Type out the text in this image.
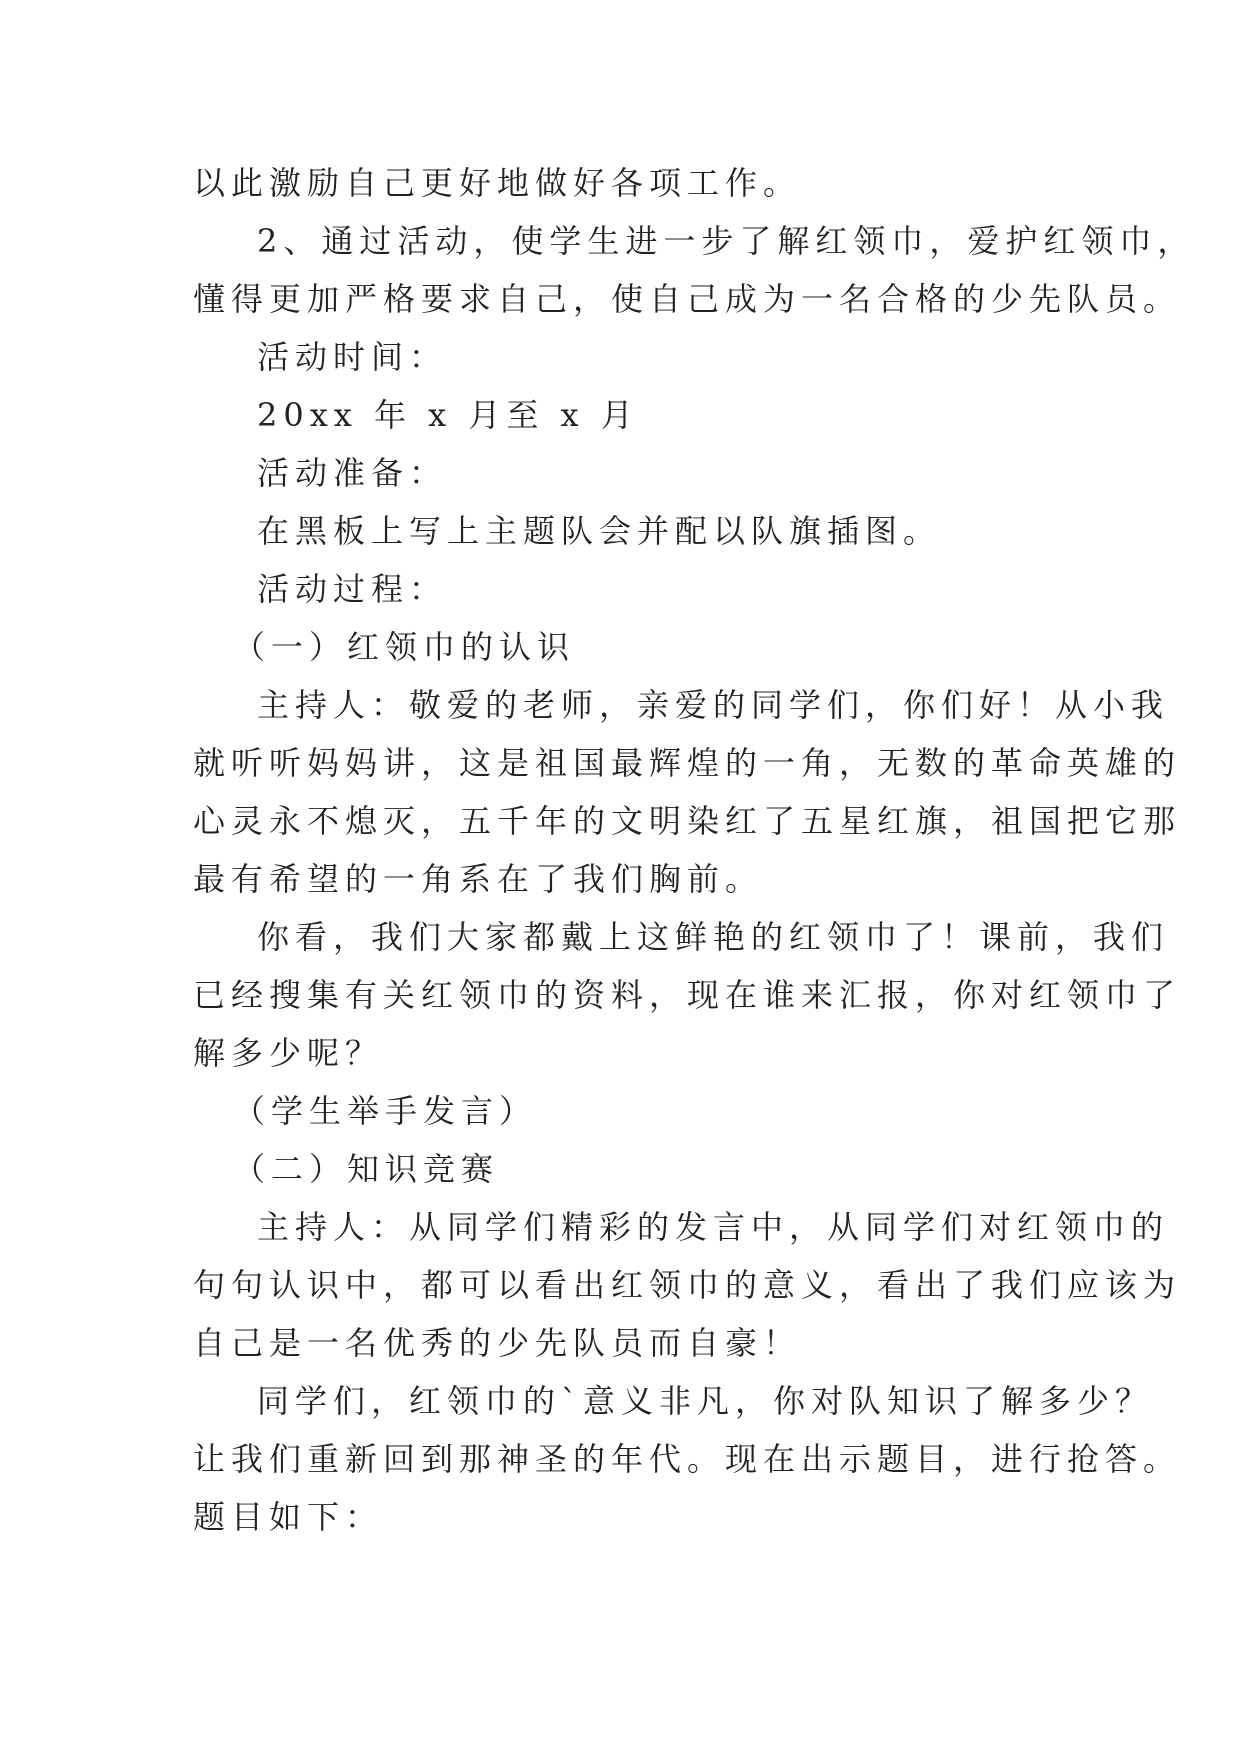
以此激励自己更好地做好各项工作。
2、通过活动，使学生进一步了解红领巾，爱护红领巾，
懂得更加严格要求自己，使自己成为一名合格的少先队员。
活动时间：
20xx 年 x 月至 x 月
活动准备：
在黑板上写上主题队会并配以队旗插图。
活动过程：
（一）红领巾的认识
主持人：敬爱的老师，亲爱的同学们，你们好！从小我
就听听妈妈讲，这是祖国最辉煌的一角，无数的革命英雄的
心灵永不熄灭，五千年的文明染红了五星红旗，祖国把它那
最有希望的一角系在了我们胸前。
你看，我们大家都戴上这鲜艳的红领巾了！课前，我们
已经搜集有关红领巾的资料，现在谁来汇报，你对红领巾了
解多少呢？
（学生举手发言）
（二）知识竞赛
主持人：从同学们精彩的发言中，从同学们对红领巾的
句句认识中，都可以看出红领巾的意义，看出了我们应该为
自己是一名优秀的少先队员而自豪！
同学们，红领巾的`意义非凡，你对队知识了解多少？
让我们重新回到那神圣的年代。现在出示题目，进行抢答。
题目如下：
